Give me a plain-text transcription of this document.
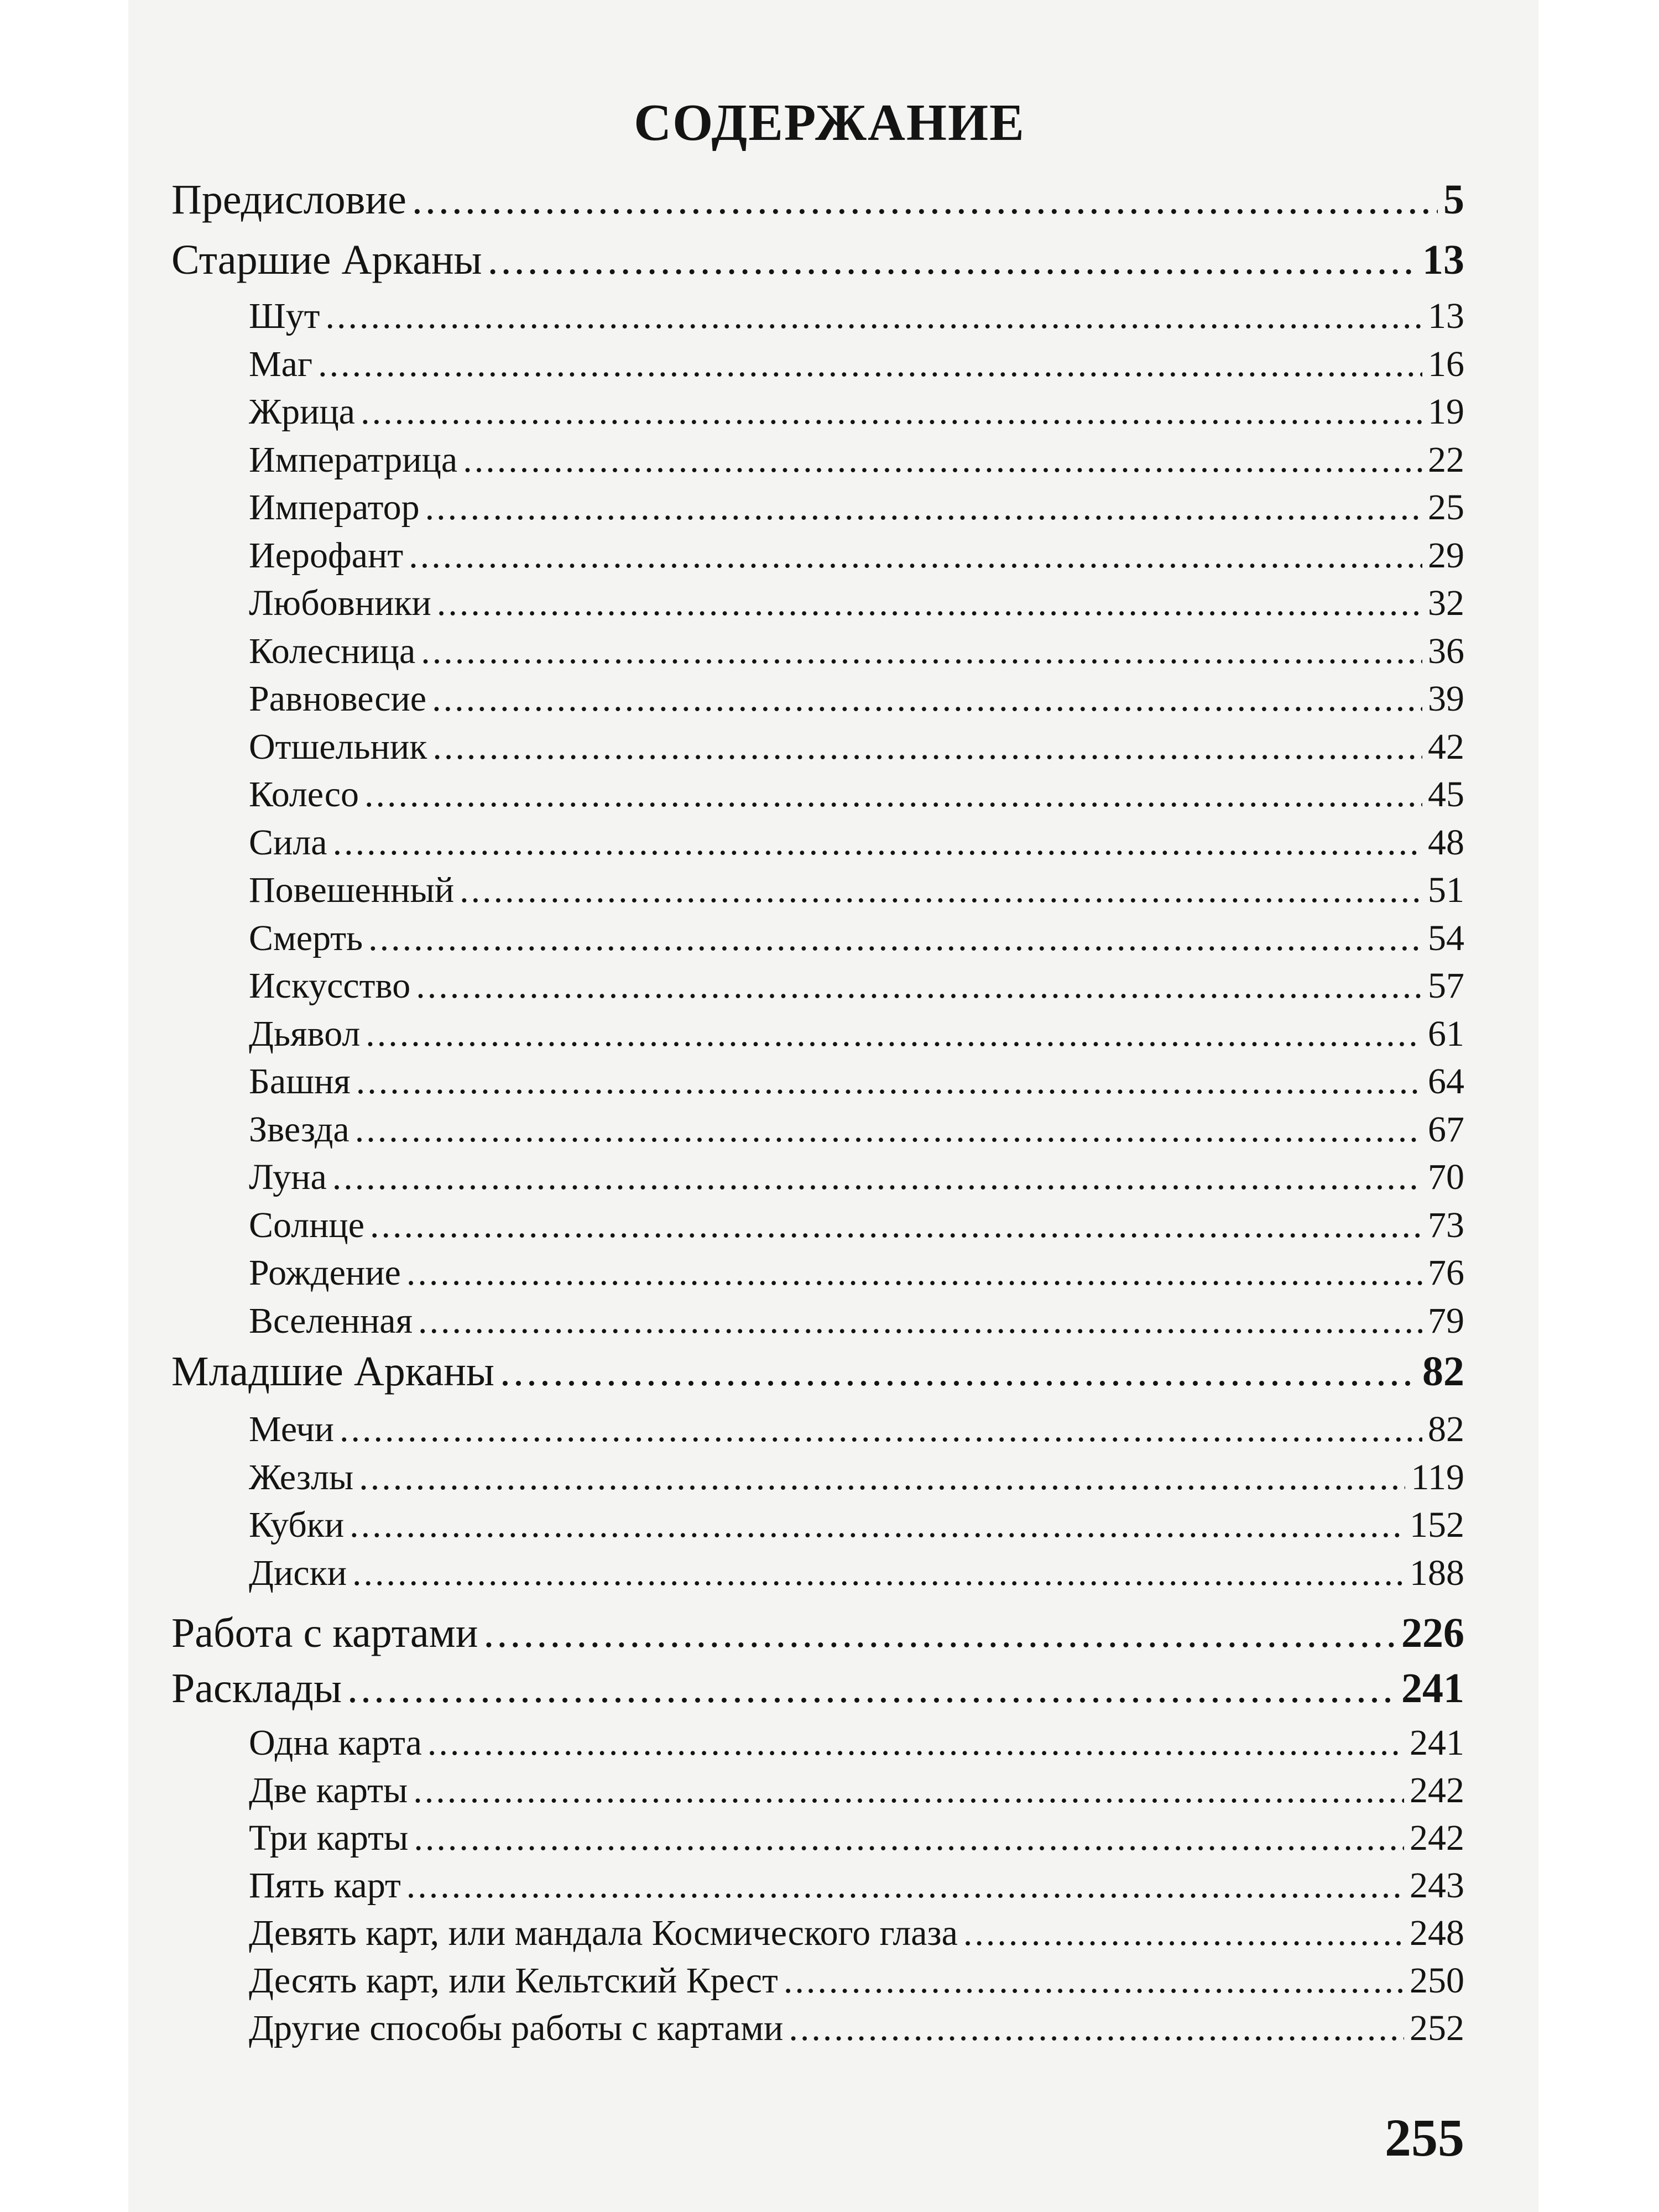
СОДЕРЖАНИЕ
Предисловие .....	5
Старшие Арканы .....	13
Шут .....	13
Маг .....	16
Жрица .....	19
Императрица .....	22
Император .....	25
Иерофант .....	29
Любовники .....	32
Колесница .....	36
Равновесие .....	39
Отшельник .....	42
Колесо .....	45
Сила .....	48
Повешенный .....	51
Смерть .....	54
Искусство .....	57
Дьявол .....	61
Башня .....	64
Звезда .....	67
Луна .....	70
Солнце .....	73
Рождение .....	76
Вселенная .....	79
Младшие Арканы .....	82
Мечи .....	82
Жезлы .....	119
Кубки .....	152
Диски .....	188
Работа с картами .....	226
Расклады .....	241
Одна карта .....	241
Две карты .....	242
Три карты .....	242
Пять карт .....	243
Девять карт, или мандала Космического глаза .....	248
Десять карт, или Кельтский Крест .....	250
Другие способы работы с картами .....	252
255
